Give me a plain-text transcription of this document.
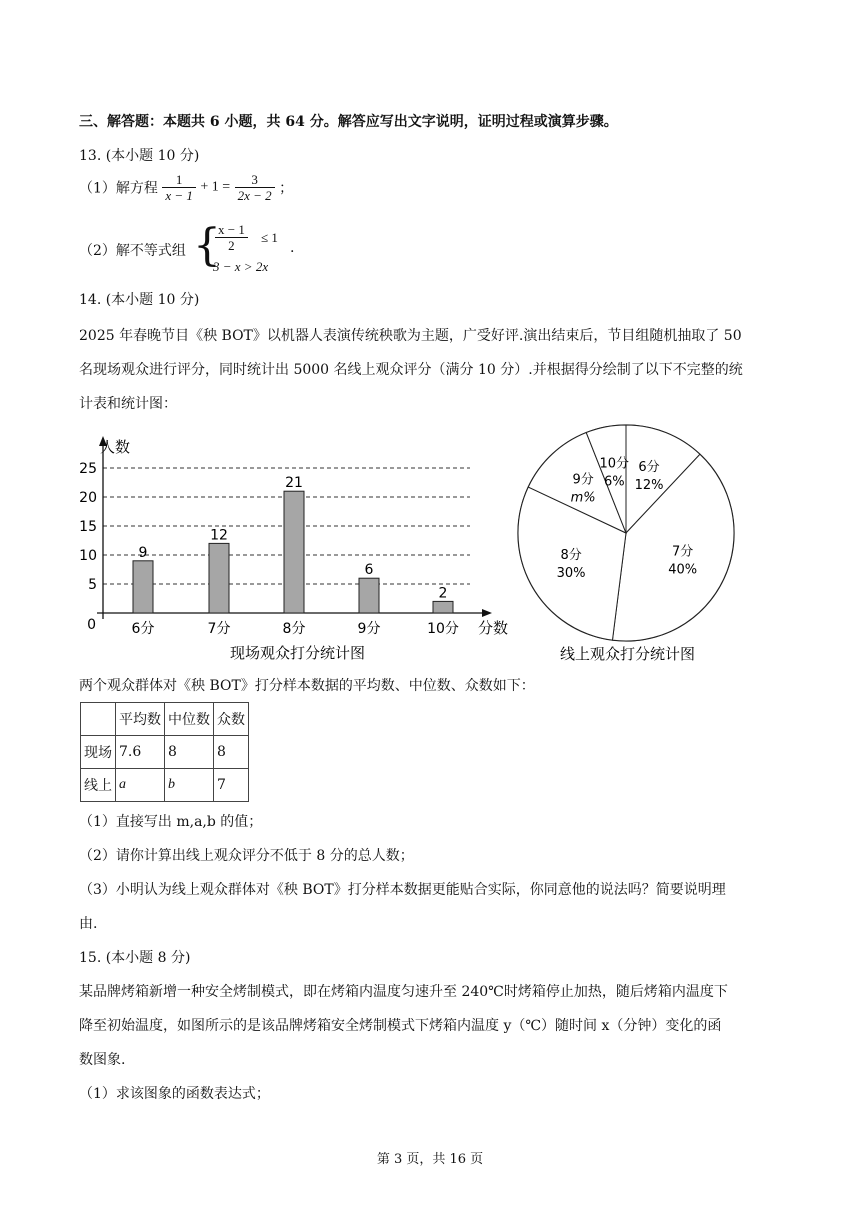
三、解答题：本题共 6 小题，共 64 分。解答应写出文字说明，证明过程或演算步骤。
13. (本小题 10 分)
（1）解方程 $\frac{1}{x - 1} + 1 = \frac{3}{2x - 2}$ ；
（2）解不等式组 {
$\frac{x - 1}{2} \le 1$
3 − x > 2x
.
14. (本小题 10 分)
2025 年春晚节目《秧 BOT》以机器人表演传统秧歌为主题，广受好评.演出结束后，节目组随机抽取了 50
名现场观众进行评分，同时统计出 5000 名线上观众评分（满分 10 分）.并根据得分绘制了以下不完整的统
计表和统计图：
0
5
10
15
20
25
9
6分
12
7分
21
8分
6
9分
2
10分
人数
分数
现场观众打分统计图
6分
12%
7分
40%
8分
30%
9分
m%
10分
6%
线上观众打分统计图
两个观众群体对《秧 BOT》打分样本数据的平均数、中位数、众数如下：
	平均数	中位数	众数
现场	7.6	8	8
线上	a	b	7
（1）直接写出 m,a,b 的值；
（2）请你计算出线上观众评分不低于 8 分的总人数；
（3）小明认为线上观众群体对《秧 BOT》打分样本数据更能贴合实际，你同意他的说法吗？简要说明理
由.
15. (本小题 8 分)
某品牌烤箱新增一种安全烤制模式，即在烤箱内温度匀速升至 240℃时烤箱停止加热，随后烤箱内温度下
降至初始温度，如图所示的是该品牌烤箱安全烤制模式下烤箱内温度 y（℃）随时间 x（分钟）变化的函
数图象.
（1）求该图象的函数表达式；
第 3 页，共 16 页
